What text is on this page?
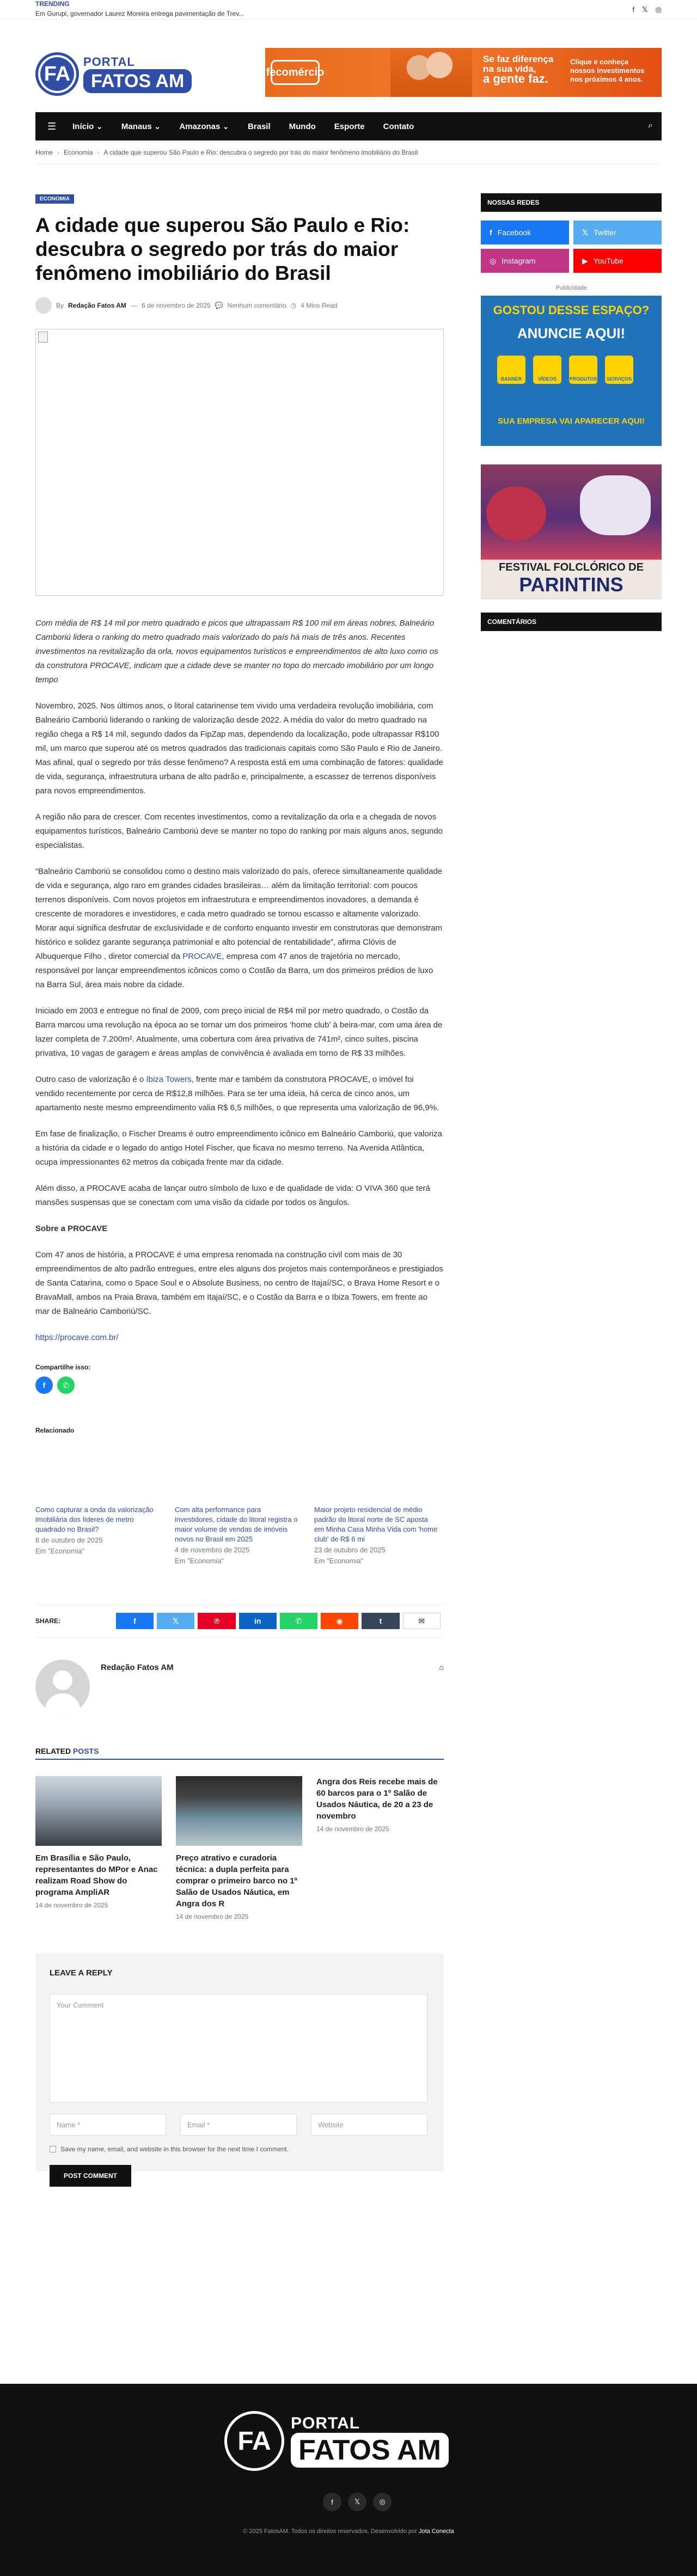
TRENDING
Em Gurupi, governador Laurez Moreira entrega pavimentação de Trev...	f 𝕏 ◎
FA
PORTAL
FATOS AM	fecomércio
Se faz diferença
na sua vida,
a gente faz.
Clique e conheça
nossos investimentos
nos próximos 4 anos.
☰ Início ⌄ Manaus ⌄ Amazonas ⌄ Brasil Mundo Esporte Contato	⌕
Home › Economia › A cidade que superou São Paulo e Rio: descubra o segredo por trás do maior fenômeno imobiliário do Brasil
ECONOMIA
A cidade que superou São Paulo e Rio: descubra o segredo por trás do maior fenômeno imobiliário do Brasil
By Redação Fatos AM — 6 de novembro de 2025 💬 Nenhum comentário ◷ 4 Mins Read

Com média de R$ 14 mil por metro quadrado e picos que ultrapassam R$ 100 mil em áreas nobres, Balneário Camboriú lidera o ranking do metro quadrado mais valorizado do país há mais de três anos. Recentes investimentos na revitalização da orla, novos equipamentos turísticos e empreendimentos de alto luxo como os da construtora PROCAVE, indicam que a cidade deve se manter no topo do mercado imobiliário por um longo tempo

Novembro, 2025. Nos últimos anos, o litoral catarinense tem vivido uma verdadeira revolução imobiliária, com Balneário Camboriú liderando o ranking de valorização desde 2022. A média do valor do metro quadrado na região chega a R$ 14 mil, segundo dados da FipZap mas, dependendo da localização, pode ultrapassar R$100 mil, um marco que superou até os metros quadrados das tradicionais capitais como São Paulo e Rio de Janeiro. Mas afinal, qual o segredo por trás desse fenômeno? A resposta está em uma combinação de fatores: qualidade de vida, segurança, infraestrutura urbana de alto padrão e, principalmente, a escassez de terrenos disponíveis para novos empreendimentos.

A região não para de crescer. Com recentes investimentos, como a revitalização da orla e a chegada de novos equipamentos turísticos, Balneário Camboriú deve se manter no topo do ranking por mais alguns anos, segundo especialistas.

“Balneário Camboriú se consolidou como o destino mais valorizado do país, oferece simultaneamente qualidade de vida e segurança, algo raro em grandes cidades brasileiras… além da limitação territorial: com poucos terrenos disponíveis. Com novos projetos em infraestrutura e empreendimentos inovadores, a demanda é crescente de moradores e investidores, e cada metro quadrado se tornou escasso e altamente valorizado. Morar aqui significa desfrutar de exclusividade e de conforto enquanto investir em construtoras que demonstram histórico e solidez garante segurança patrimonial e alto potencial de rentabilidade”, afirma Clóvis de Albuquerque Filho , diretor comercial da PROCAVE, empresa com 47 anos de trajetória no mercado, responsável por lançar empreendimentos icônicos como o Costão da Barra, um dos primeiros prédios de luxo na Barra Sul, área mais nobre da cidade.

Iniciado em 2003 e entregue no final de 2009, com preço inicial de R$4 mil por metro quadrado, o Costão da Barra marcou uma revolução na época ao se tornar um dos primeiros ‘home club’ à beira-mar, com uma área de lazer completa de 7.200m². Atualmente, uma cobertura com área privativa de 741m², cinco suítes, piscina privativa, 10 vagas de garagem e áreas amplas de convivência é avaliada em torno de R$ 33 milhões.

Outro caso de valorização é o Ibiza Towers, frente mar e também da construtora PROCAVE, o imóvel foi vendido recentemente por cerca de R$12,8 milhões. Para se ter uma ideia, há cerca de cinco anos, um apartamento neste mesmo empreendimento valia R$ 6,5 milhões, o que representa uma valorização de 96,9%.

Em fase de finalização, o Fischer Dreams é outro empreendimento icônico em Balneário Camboriú, que valoriza a história da cidade e o legado do antigo Hotel Fischer, que ficava no mesmo terreno. Na Avenida Atlântica, ocupa impressionantes 62 metros da cobiçada frente mar da cidade.

Além disso, a PROCAVE acaba de lançar outro símbolo de luxo e de qualidade de vida: O VIVA 360 que terá mansões suspensas que se conectam com uma visão da cidade por todos os ângulos.

Sobre a PROCAVE

Com 47 anos de história, a PROCAVE é uma empresa renomada na construção civil com mais de 30 empreendimentos de alto padrão entregues, entre eles alguns dos projetos mais contemporâneos e prestigiados de Santa Catarina, como o Space Soul e o Absolute Business, no centro de Itajaí/SC, o Brava Home Resort e o BravaMall, ambos na Praia Brava, também em Itajaí/SC, e o Costão da Barra e o Ibiza Towers, em frente ao mar de Balneário Camboriú/SC.

https://procave.com.br/

Compartilhe isso:
f	✆
Relacionado
Como capturar a onda da valorização imobiliária dos líderes de metro quadrado no Brasil?
8 de outubro de 2025
Em "Economia"
Com alta performance para investidores, cidade do litoral registra o maior volume de vendas de imóveis novos no Brasil em 2025
4 de novembro de 2025
Em "Economia"
Maior projeto residencial de médio padrão do litoral norte de SC aposta em Minha Casa Minha Vida com 'home club' de R$ 6 mi
23 de outubro de 2025
Em "Economia"
SHARE:	f	𝕏	℗	in	✆	◉	t	✉
Redação Fatos AM	⌂
RELATED POSTS
Em Brasília e São Paulo, representantes do MPor e Anac realizam Road Show do programa AmpliAR
14 de novembro de 2025
Preço atrativo e curadoria técnica: a dupla perfeita para comprar o primeiro barco no 1º Salão de Usados Náutica, em Angra dos R
14 de novembro de 2025
Angra dos Reis recebe mais de 60 barcos para o 1º Salão de Usados Náutica, de 20 a 23 de novembro
14 de novembro de 2025
LEAVE A REPLY
Your Comment
Name *	Email *	Website
Save my name, email, and website in this browser for the next time I comment.
POST COMMENT
NOSSAS REDES
f Facebook	𝕏 Twitter
◎ Instagram	▶ YouTube
Publicidade
GOSTOU DESSE ESPAÇO?
ANUNCIE AQUI!
BANNER	VÍDEOS	PRODUTOS	SERVIÇOS
SUA EMPRESA VAI APARECER AQUI!
FESTIVAL FOLCLÓRICO DE
PARINTINS
COMENTÁRIOS
FA
PORTAL
FATOS AM
f	𝕏	◎
© 2025 FatosAM. Todos os direitos reservados. Desenvolvido por Jota Conecta
